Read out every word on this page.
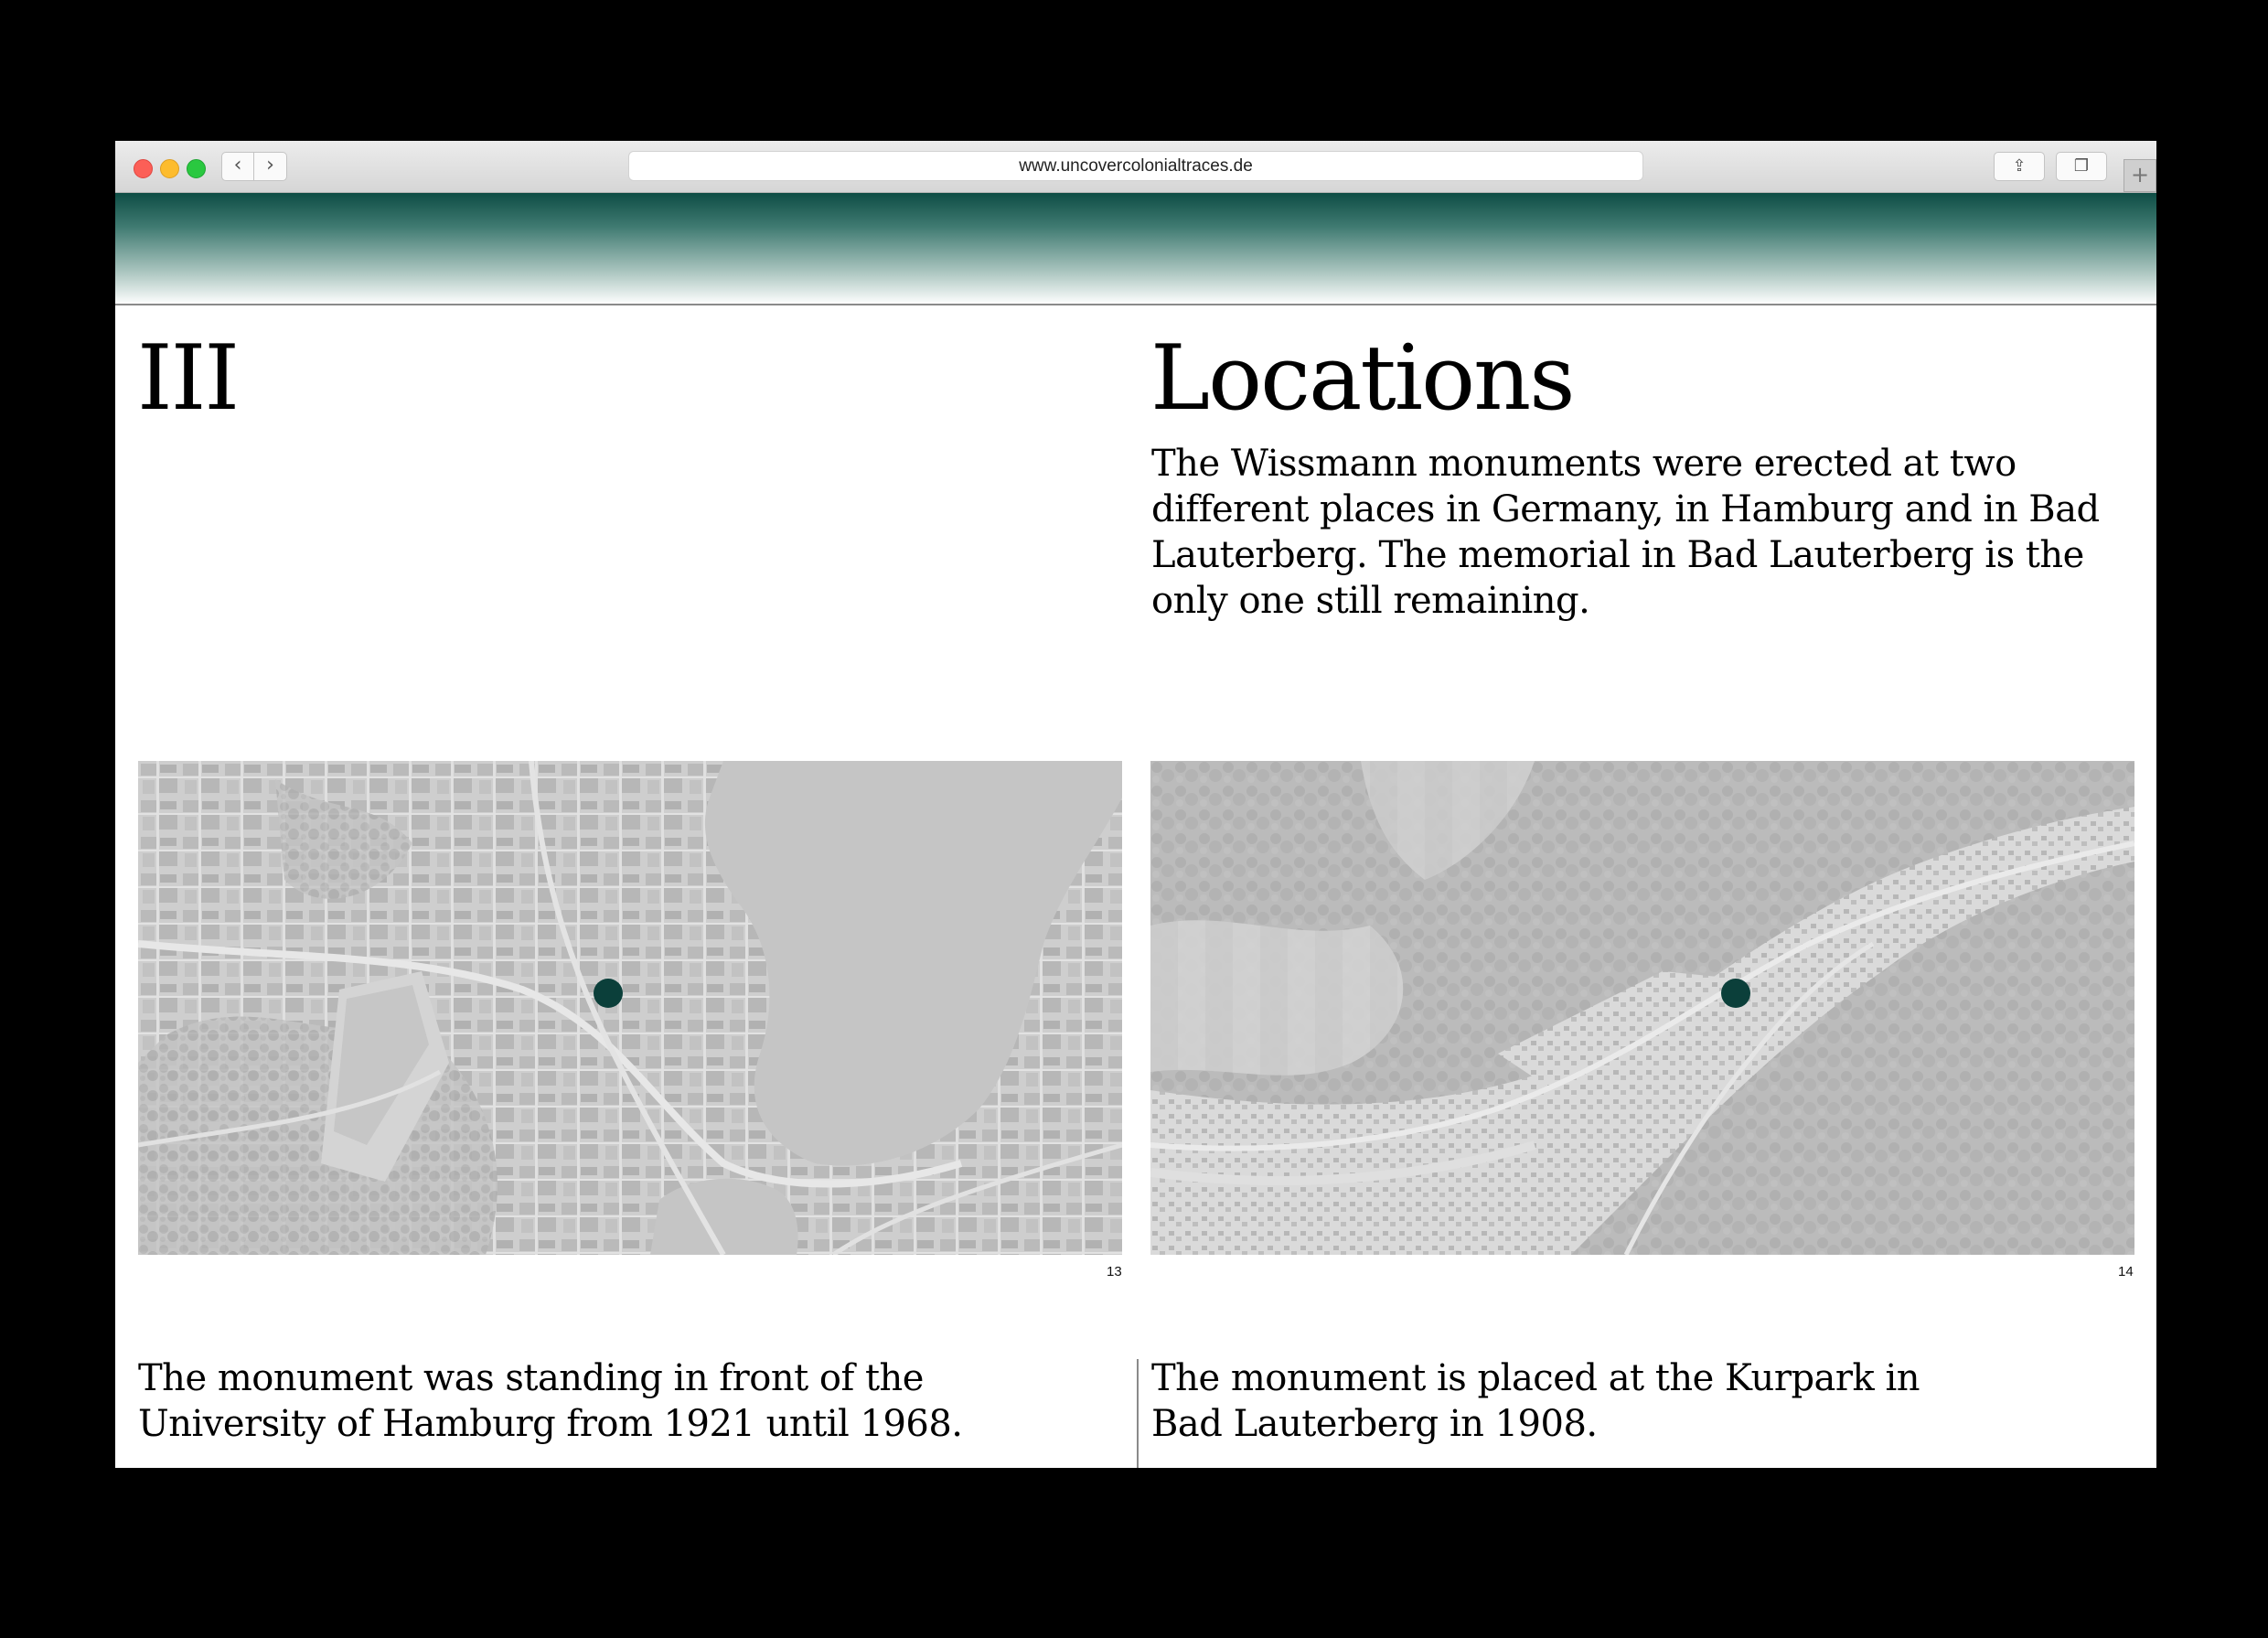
‹	›	www.uncovercolonialtraces.de	⇪	❐	+
III	Locations
The Wissmann monuments were erected at two different places in Germany, in Hamburg and in Bad Lauterberg. The memorial in Bad Lauterberg is the only one still remaining.
13	14
The monument was standing in front of the
University of Hamburg from 1921 until 1968.
The monument is placed at the Kurpark in
Bad Lauterberg in 1908.
